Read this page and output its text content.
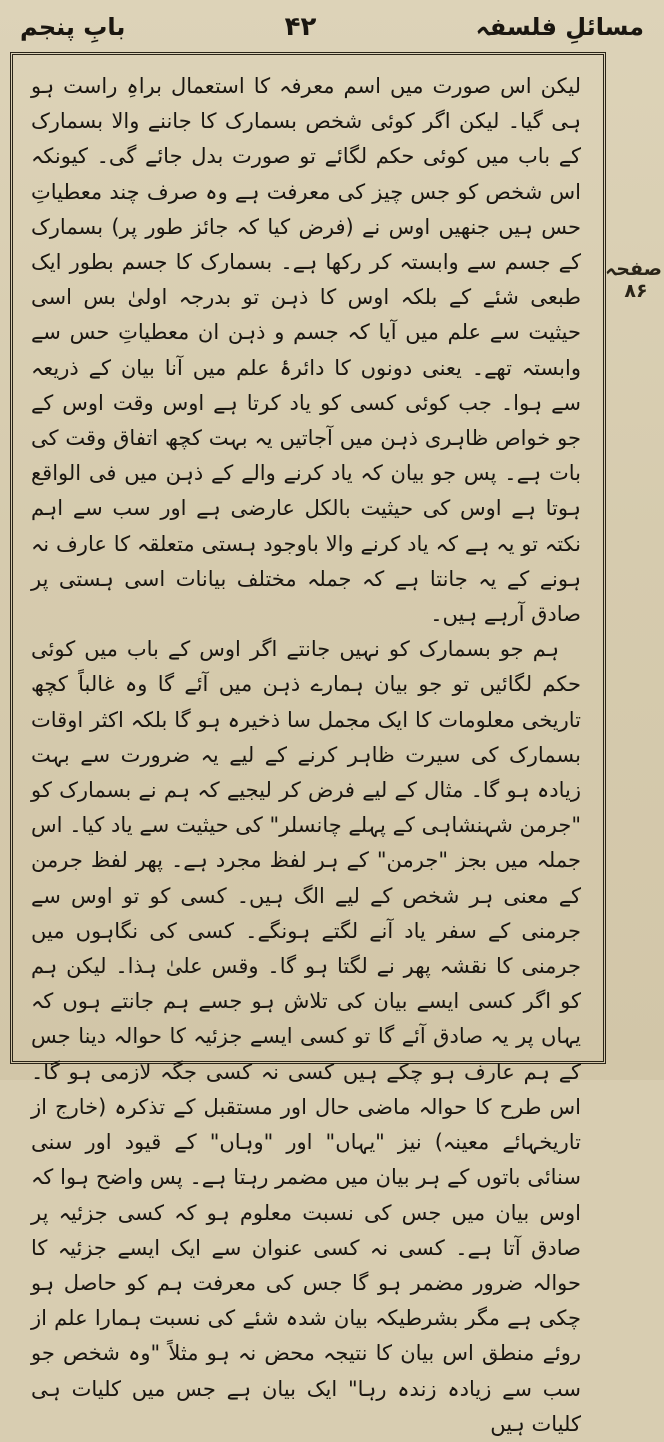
مسائلِ فلسفہ
۴۲
بابِ پنجم

لیکن اس صورت میں اسم معرفہ کا استعمال براہِ راست ہو ہی گیا۔ لیکن اگر کوئی شخص بسمارک کا جاننے والا بسمارک کے باب میں کوئی حکم لگائے تو صورت بدل جائے گی۔ کیونکہ اس شخص کو جس چیز کی معرفت ہے وہ صرف چند معطیاتِ حس ہیں جنھیں اوس نے (فرض کیا کہ جائز طور پر) بسمارک کے جسم سے وابستہ کر رکھا ہے۔ بسمارک کا جسم بطور ایک طبعی شئے کے بلکہ اوس کا ذہن تو بدرجہ اولیٰ بس اسی حیثیت سے علم میں آیا کہ جسم و ذہن ان معطیاتِ حس سے وابستہ تھے۔ یعنی دونوں کا دائرۂ علم میں آنا بیان کے ذریعہ سے ہوا۔ جب کوئی کسی کو یاد کرتا ہے اوس وقت اوس کے جو خواص ظاہری ذہن میں آجاتیں یہ بہت کچھ اتفاق وقت کی بات ہے۔ پس جو بیان کہ یاد کرنے والے کے ذہن میں فی الواقع ہوتا ہے اوس کی حیثیت بالکل عارضی ہے اور سب سے اہم نکتہ تو یہ ہے کہ یاد کرنے والا باوجود ہستی متعلقہ کا عارف نہ ہونے کے یہ جانتا ہے کہ جملہ مختلف بیانات اسی ہستی پر صادق آرہے ہیں۔

ہم جو بسمارک کو نہیں جانتے اگر اوس کے باب میں کوئی حکم لگائیں تو جو بیان ہمارے ذہن میں آئے گا وہ غالباً کچھ تاریخی معلومات کا ایک مجمل سا ذخیرہ ہو گا بلکہ اکثر اوقات بسمارک کی سیرت ظاہر کرنے کے لیے یہ ضرورت سے بہت زیادہ ہو گا۔ مثال کے لیے فرض کر لیجیے کہ ہم نے بسمارک کو "جرمن شہنشاہی کے پہلے چانسلر" کی حیثیت سے یاد کیا۔ اس جملہ میں بجز "جرمن" کے ہر لفظ مجرد ہے۔ پھر لفظ جرمن کے معنی ہر شخص کے لیے الگ ہیں۔ کسی کو تو اوس سے جرمنی کے سفر یاد آنے لگتے ہونگے۔ کسی کی نگاہوں میں جرمنی کا نقشہ پھر نے لگتا ہو گا۔ وقس علیٰ ہذا۔ لیکن ہم کو اگر کسی ایسے بیان کی تلاش ہو جسے ہم جانتے ہوں کہ یہاں پر یہ صادق آئے گا تو کسی ایسے جزئیہ کا حوالہ دینا جس کے ہم عارف ہو چکے ہیں کسی نہ کسی جگہ لازمی ہو گا۔ اس طرح کا حوالہ ماضی حال اور مستقبل کے تذکرہ (خارج از تاریخہائے معینہ) نیز "یہاں" اور "وہاں" کے قیود اور سنی سنائی باتوں کے ہر بیان میں مضمر رہتا ہے۔ پس واضح ہوا کہ اوس بیان میں جس کی نسبت معلوم ہو کہ کسی جزئیہ پر صادق آتا ہے۔ کسی نہ کسی عنوان سے ایک ایسے جزئیہ کا حوالہ ضرور مضمر ہو گا جس کی معرفت ہم کو حاصل ہو چکی ہے مگر بشرطیکہ بیان شدہ شئے کی نسبت ہمارا علم از روئے منطق اس بیان کا نتیجہ محض نہ ہو مثلاً "وہ شخص جو سب سے زیادہ زندہ رہا" ایک بیان ہے جس میں کلیات ہی کلیات ہیں

صفحہ ۸۶
